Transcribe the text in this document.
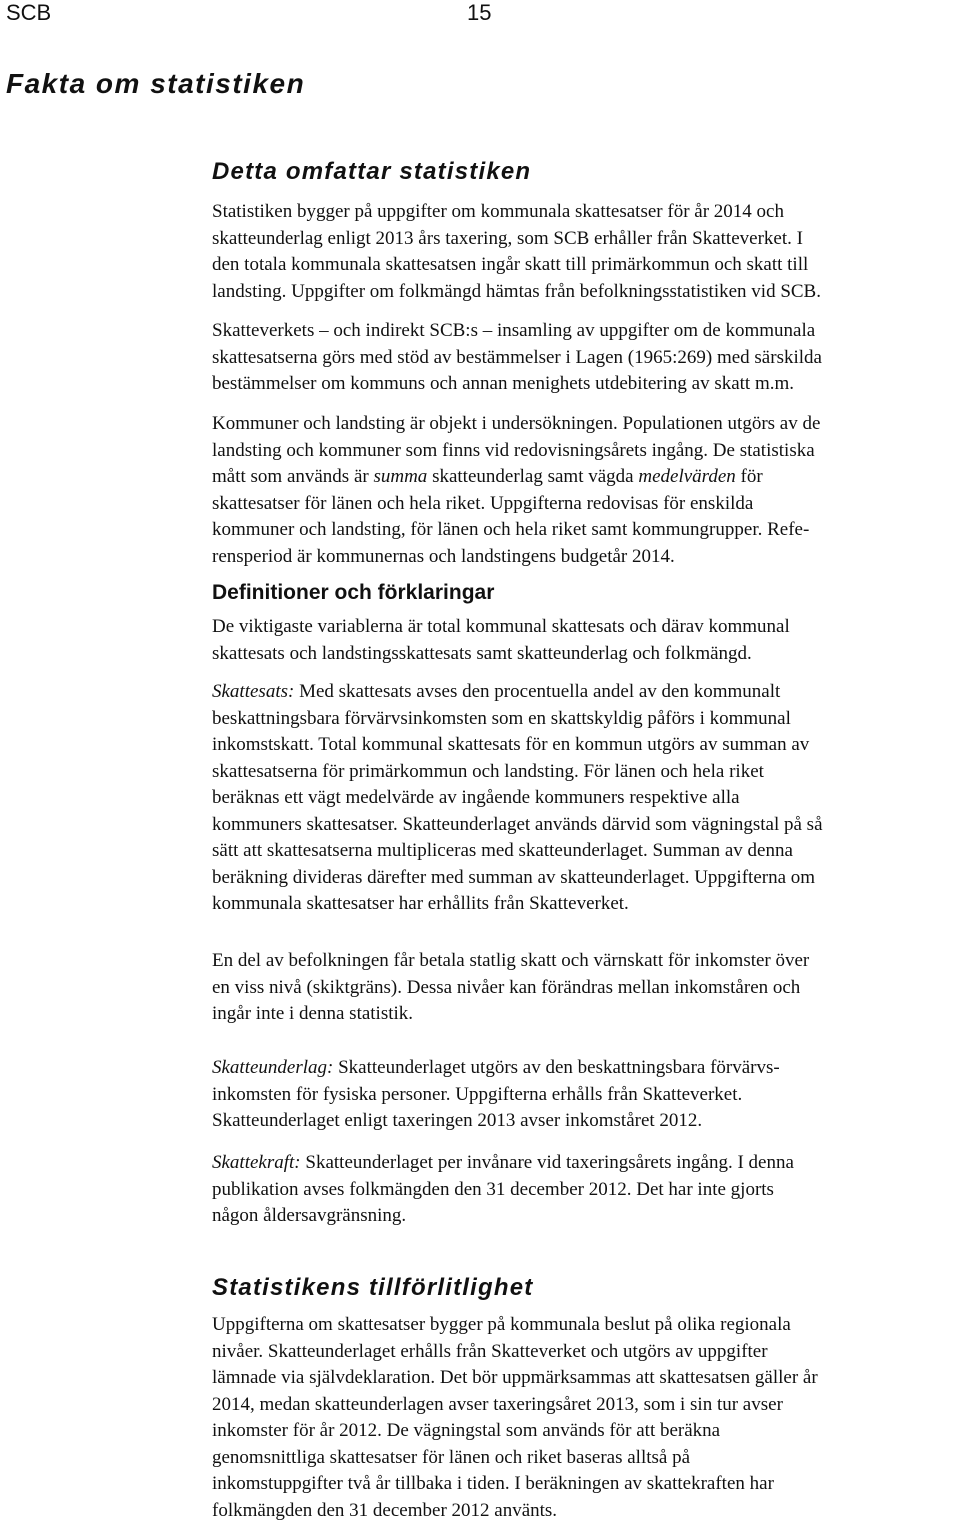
SCB	15
Fakta om statistiken
Detta omfattar statistiken
Statistiken bygger på uppgifter om kommunala skattesatser för år 2014 och
skatteunderlag enligt 2013 års taxering, som SCB erhåller från Skatteverket. I
den totala kommunala skattesatsen ingår skatt till primärkommun och skatt till
landsting. Uppgifter om folkmängd hämtas från befolkningsstatistiken vid SCB.
Skatteverkets – och indirekt SCB:s – insamling av uppgifter om de kommunala
skattesatserna görs med stöd av bestämmelser i Lagen (1965:269) med särskilda
bestämmelser om kommuns och annan menighets utdebitering av skatt m.m.
Kommuner och landsting är objekt i undersökningen. Populationen utgörs av de
landsting och kommuner som finns vid redovisningsårets ingång. De statistiska
mått som används är summa skatteunderlag samt vägda medelvärden för
skattesatser för länen och hela riket. Uppgifterna redovisas för enskilda
kommuner och landsting, för länen och hela riket samt kommungrupper. Refe-
rensperiod är kommunernas och landstingens budgetår 2014.
Definitioner och förklaringar
De viktigaste variablerna är total kommunal skattesats och därav kommunal
skattesats och landstingsskattesats samt skatteunderlag och folkmängd.
Skattesats: Med skattesats avses den procentuella andel av den kommunalt
beskattningsbara förvärvsinkomsten som en skattskyldig påförs i kommunal
inkomstskatt. Total kommunal skattesats för en kommun utgörs av summan av
skattesatserna för primärkommun och landsting. För länen och hela riket
beräknas ett vägt medelvärde av ingående kommuners respektive alla
kommuners skattesatser. Skatteunderlaget används därvid som vägningstal på så
sätt att skattesatserna multipliceras med skatteunderlaget. Summan av denna
beräkning divideras därefter med summan av skatteunderlaget. Uppgifterna om
kommunala skattesatser har erhållits från Skatteverket.
En del av befolkningen får betala statlig skatt och värnskatt för inkomster över
en viss nivå (skiktgräns). Dessa nivåer kan förändras mellan inkomståren och
ingår inte i denna statistik.
Skatteunderlag: Skatteunderlaget utgörs av den beskattningsbara förvärvs-
inkomsten för fysiska personer. Uppgifterna erhålls från Skatteverket.
Skatteunderlaget enligt taxeringen 2013 avser inkomståret 2012.
Skattekraft: Skatteunderlaget per invånare vid taxeringsårets ingång. I denna
publikation avses folkmängden den 31 december 2012. Det har inte gjorts
någon åldersavgränsning.
Statistikens tillförlitlighet
Uppgifterna om skattesatser bygger på kommunala beslut på olika regionala
nivåer. Skatteunderlaget erhålls från Skatteverket och utgörs av uppgifter
lämnade via självdeklaration. Det bör uppmärksammas att skattesatsen gäller år
2014, medan skatteunderlagen avser taxeringsåret 2013, som i sin tur avser
inkomster för år 2012. De vägningstal som används för att beräkna
genomsnittliga skattesatser för länen och riket baseras alltså på
inkomstuppgifter två år tillbaka i tiden. I beräkningen av skattekraften har
folkmängden den 31 december 2012 använts.
